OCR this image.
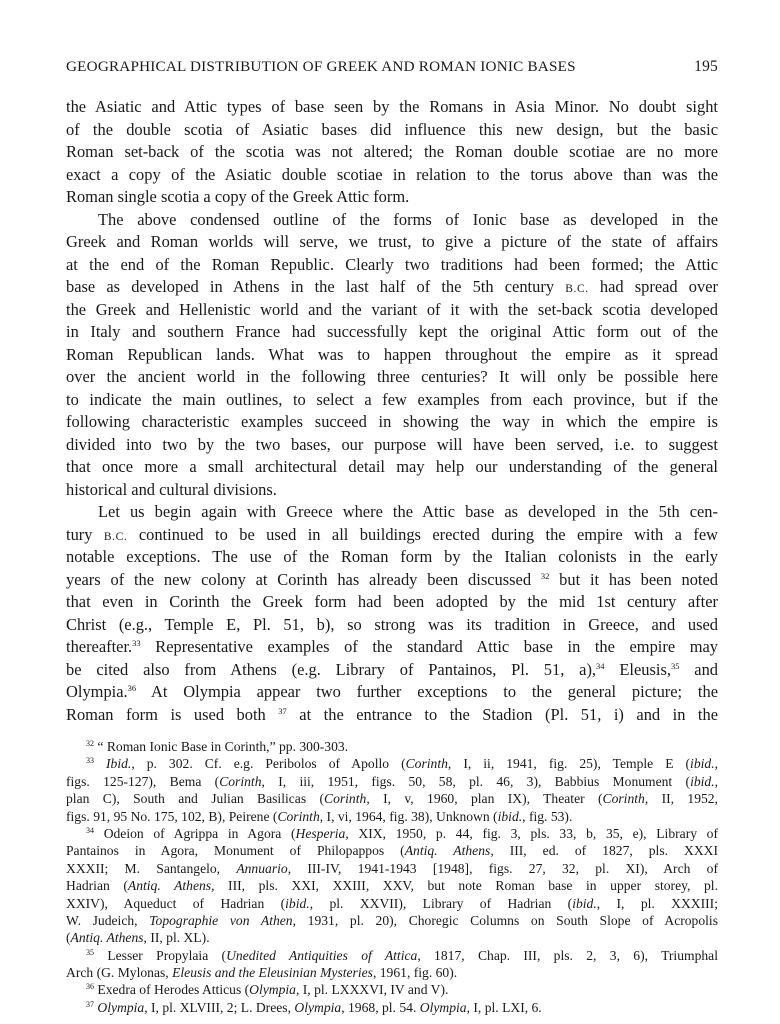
GEOGRAPHICAL DISTRIBUTION OF GREEK AND ROMAN IONIC BASES	195
the Asiatic and Attic types of base seen by the Romans in Asia Minor. No doubt sight
of the double scotia of Asiatic bases did influence this new design, but the basic
Roman set-back of the scotia was not altered; the Roman double scotiae are no more
exact a copy of the Asiatic double scotiae in relation to the torus above than was the
Roman single scotia a copy of the Greek Attic form.
The above condensed outline of the forms of Ionic base as developed in the
Greek and Roman worlds will serve, we trust, to give a picture of the state of affairs
at the end of the Roman Republic. Clearly two traditions had been formed; the Attic
base as developed in Athens in the last half of the 5th century B.C. had spread over
the Greek and Hellenistic world and the variant of it with the set-back scotia developed
in Italy and southern France had successfully kept the original Attic form out of the
Roman Republican lands. What was to happen throughout the empire as it spread
over the ancient world in the following three centuries? It will only be possible here
to indicate the main outlines, to select a few examples from each province, but if the
following characteristic examples succeed in showing the way in which the empire is
divided into two by the two bases, our purpose will have been served, i.e. to suggest
that once more a small architectural detail may help our understanding of the general
historical and cultural divisions.
Let us begin again with Greece where the Attic base as developed in the 5th cen-
tury B.C. continued to be used in all buildings erected during the empire with a few
notable exceptions. The use of the Roman form by the Italian colonists in the early
years of the new colony at Corinth has already been discussed $^{32}$ but it has been noted
that even in Corinth the Greek form had been adopted by the mid 1st century after
Christ (e.g., Temple E, Pl. 51, b), so strong was its tradition in Greece, and used
thereafter.$^{33}$ Representative examples of the standard Attic base in the empire may
be cited also from Athens (e.g. Library of Pantainos, Pl. 51, a),$^{34}$ Eleusis,$^{35}$ and
Olympia.$^{36}$ At Olympia appear two further exceptions to the general picture; the
Roman form is used both $^{37}$ at the entrance to the Stadion (Pl. 51, i) and in the
$^{32}$ “ Roman Ionic Base in Corinth,” pp. 300-303.
$^{33}$ Ibid., p. 302. Cf. e.g. Peribolos of Apollo (Corinth, I, ii, 1941, fig. 25), Temple E (ibid.,
figs. 125-127), Bema (Corinth, I, iii, 1951, figs. 50, 58, pl. 46, 3), Babbius Monument (ibid.,
plan C), South and Julian Basilicas (Corinth, I, v, 1960, plan IX), Theater (Corinth, II, 1952,
figs. 91, 95 No. 175, 102, B), Peirene (Corinth, I, vi, 1964, fig. 38), Unknown (ibid., fig. 53).
$^{34}$ Odeion of Agrippa in Agora (Hesperia, XIX, 1950, p. 44, fig. 3, pls. 33, b, 35, e), Library of
Pantainos in Agora, Monument of Philopappos (Antiq. Athens, III, ed. of 1827, pls. XXXI
XXXII; M. Santangelo, Annuario, III-IV, 1941-1943 [1948], figs. 27, 32, pl. XI), Arch of
Hadrian (Antiq. Athens, III, pls. XXI, XXIII, XXV, but note Roman base in upper storey, pl.
XXIV), Aqueduct of Hadrian (ibid., pl. XXVII), Library of Hadrian (ibid., I, pl. XXXIII;
W. Judeich, Topographie von Athen, 1931, pl. 20), Choregic Columns on South Slope of Acropolis
(Antiq. Athens, II, pl. XL).
$^{35}$ Lesser Propylaia (Unedited Antiquities of Attica, 1817, Chap. III, pls. 2, 3, 6), Triumphal
Arch (G. Mylonas, Eleusis and the Eleusinian Mysteries, 1961, fig. 60).
$^{36}$ Exedra of Herodes Atticus (Olympia, I, pl. LXXXVI, IV and V).
$^{37}$ Olympia, I, pl. XLVIII, 2; L. Drees, Olympia, 1968, pl. 54. Olympia, I, pl. LXI, 6.
